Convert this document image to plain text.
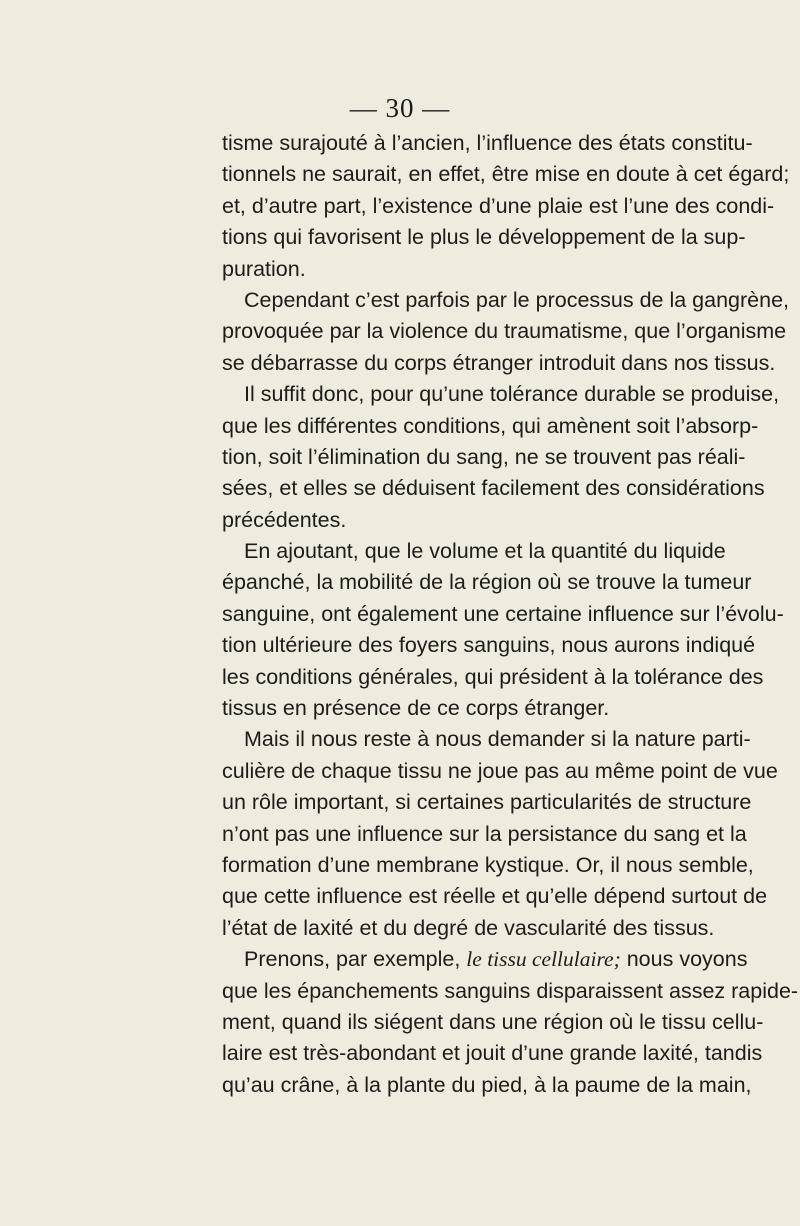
— 30 —
tisme surajouté à l’ancien, l’influence des états constitu-
tionnels ne saurait, en effet, être mise en doute à cet égard;
et, d’autre part, l’existence d’une plaie est l’une des condi-
tions qui favorisent le plus le développement de la sup-
puration.
Cependant c’est parfois par le processus de la gangrène,
provoquée par la violence du traumatisme, que l’organisme
se débarrasse du corps étranger introduit dans nos tissus.
Il suffit donc, pour qu’une tolérance durable se produise,
que les différentes conditions, qui amènent soit l’absorp-
tion, soit l’élimination du sang, ne se trouvent pas réali-
sées, et elles se déduisent facilement des considérations
précédentes.
En ajoutant, que le volume et la quantité du liquide
épanché, la mobilité de la région où se trouve la tumeur
sanguine, ont également une certaine influence sur l’évolu-
tion ultérieure des foyers sanguins, nous aurons indiqué
les conditions générales, qui président à la tolérance des
tissus en présence de ce corps étranger.
Mais il nous reste à nous demander si la nature parti-
culière de chaque tissu ne joue pas au même point de vue
un rôle important, si certaines particularités de structure
n’ont pas une influence sur la persistance du sang et la
formation d’une membrane kystique. Or, il nous semble,
que cette influence est réelle et qu’elle dépend surtout de
l’état de laxité et du degré de vascularité des tissus.
Prenons, par exemple, le tissu cellulaire; nous voyons
que les épanchements sanguins disparaissent assez rapide-
ment, quand ils siégent dans une région où le tissu cellu-
laire est très-abondant et jouit d’une grande laxité, tandis
qu’au crâne, à la plante du pied, à la paume de la main,
